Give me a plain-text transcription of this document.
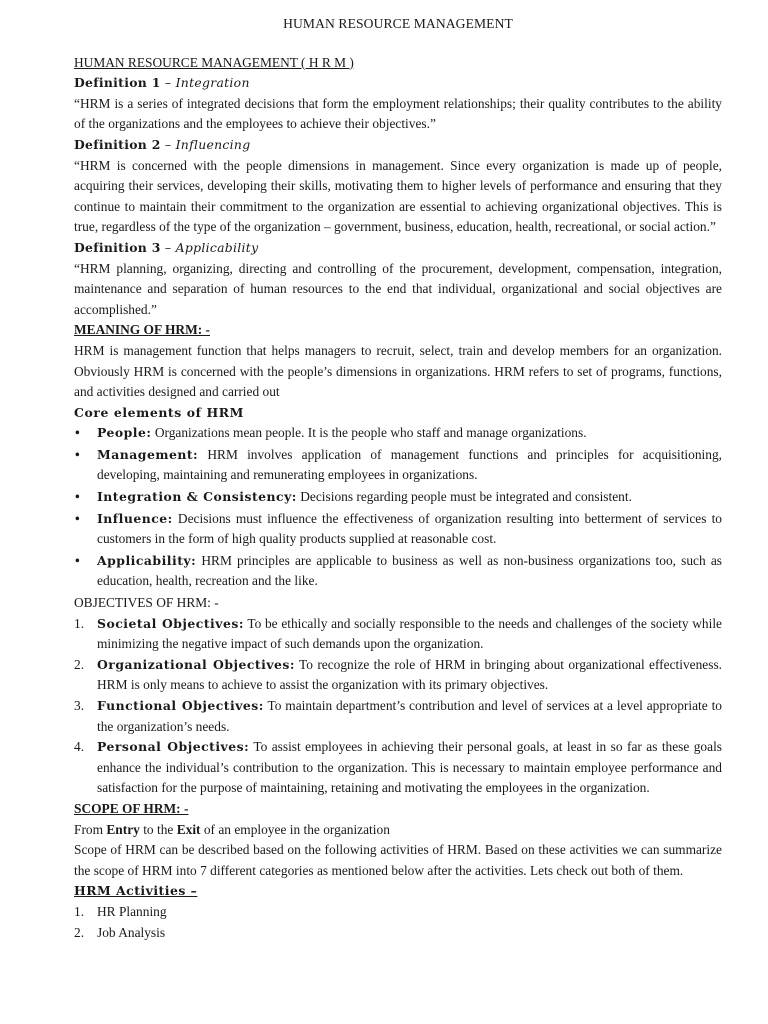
HUMAN RESOURCE MANAGEMENT

HUMAN RESOURCE MANAGEMENT ( H R M )

Definition 1 – Integration

“HRM is a series of integrated decisions that form the employment relationships; their quality contributes to the ability of the organizations and the employees to achieve their objectives.”

Definition 2 – Influencing

“HRM is concerned with the people dimensions in management. Since every organization is made up of people, acquiring their services, developing their skills, motivating them to higher levels of performance and ensuring that they continue to maintain their commitment to the organization are essential to achieving organizational objectives. This is true, regardless of the type of the organization – government, business, education, health, recreational, or social action.”

Definition 3 – Applicability

“HRM planning, organizing, directing and controlling of the procurement, development, compensation, integration, maintenance and separation of human resources to the end that individual, organizational and social objectives are accomplished.”

MEANING OF HRM: -

HRM is management function that helps managers to recruit, select, train and develop members for an organization. Obviously HRM is concerned with the people’s dimensions in organizations. HRM refers to set of programs, functions, and activities designed and carried out

Core elements of HRM

• People: Organizations mean people. It is the people who staff and manage organizations.
• Management: HRM involves application of management functions and principles for acquisitioning, developing, maintaining and remunerating employees in organizations.
• Integration & Consistency: Decisions regarding people must be integrated and consistent.
• Influence: Decisions must influence the effectiveness of organization resulting into betterment of services to customers in the form of high quality products supplied at reasonable cost.
• Applicability: HRM principles are applicable to business as well as non-business organizations too, such as education, health, recreation and the like.

OBJECTIVES OF HRM: -

1. Societal Objectives: To be ethically and socially responsible to the needs and challenges of the society while minimizing the negative impact of such demands upon the organization.
2. Organizational Objectives: To recognize the role of HRM in bringing about organizational effectiveness. HRM is only means to achieve to assist the organization with its primary objectives.
3. Functional Objectives: To maintain department’s contribution and level of services at a level appropriate to the organization’s needs.
4. Personal Objectives: To assist employees in achieving their personal goals, at least in so far as these goals enhance the individual’s contribution to the organization. This is necessary to maintain employee performance and satisfaction for the purpose of maintaining, retaining and motivating the employees in the organization.

SCOPE OF HRM: -

From Entry to the Exit of an employee in the organization

Scope of HRM can be described based on the following activities of HRM. Based on these activities we can summarize the scope of HRM into 7 different categories as mentioned below after the activities. Lets check out both of them.

HRM Activities –

1. HR Planning
2. Job Analysis
